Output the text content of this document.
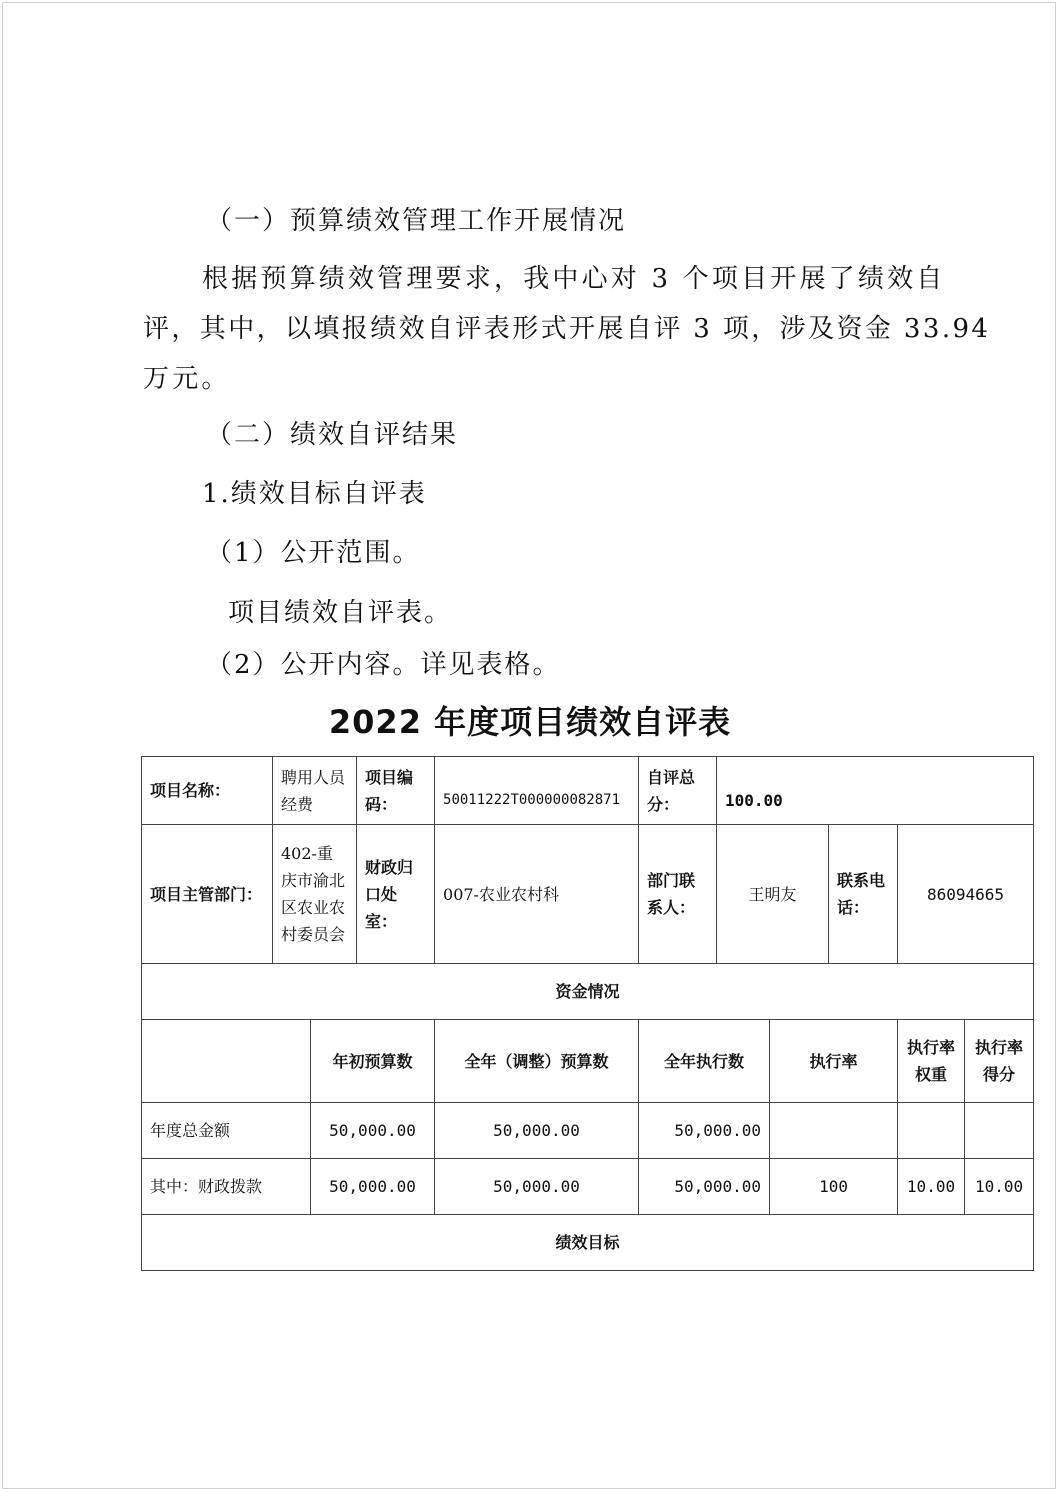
（一）预算绩效管理工作开展情况
根据预算绩效管理要求，我中心对 3 个项目开展了绩效自
评，其中，以填报绩效自评表形式开展自评 3 项，涉及资金 33.94
万元。
（二）绩效自评结果
1.绩效目标自评表
（1）公开范围。
项目绩效自评表。
（2）公开内容。详见表格。
2022 年度项目绩效自评表
项目名称：	聘用人员经费		项目编码：	50011222T000000082871	自评总分：	100.00				
项目主管部门：	402-重庆市渝北区农业农村委员会		财政归口处室：	007-农业农村科	部门联系人：	王明友		联系电话：	86094665	
资金情况										
		年初预算数		全年（调整）预算数	全年执行数		执行率		执行率权重	执行率得分
年度总金额		50,000.00		50,000.00	50,000.00					
其中：财政拨款		50,000.00		50,000.00	50,000.00		100		10.00	10.00
绩效目标										
